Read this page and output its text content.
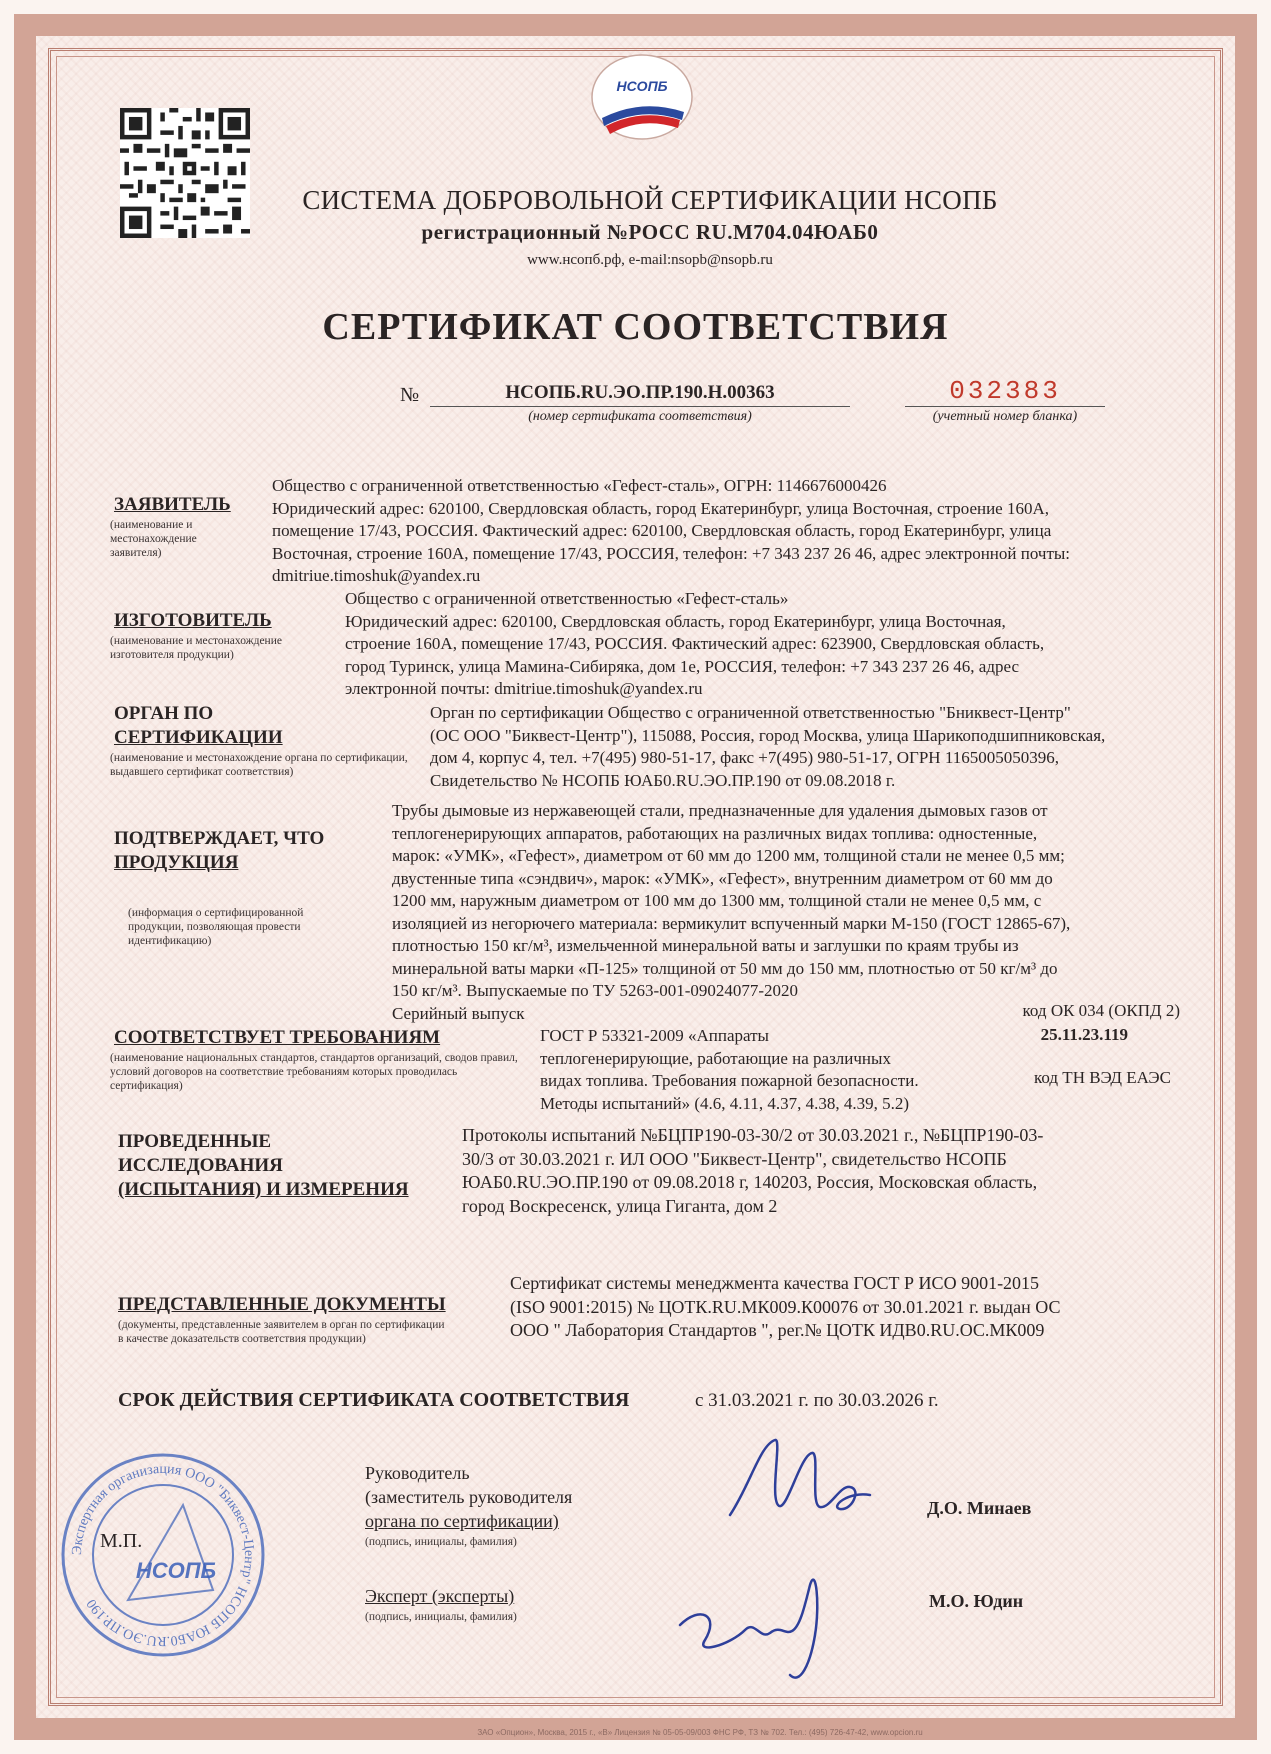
НСОПБ
СИСТЕМА ДОБРОВОЛЬНОЙ СЕРТИФИКАЦИИ НСОПБ
регистрационный №РОСС RU.М704.04ЮАБ0
www.нсопб.рф, e-mail:nsopb@nsopb.ru
СЕРТИФИКАТ СООТВЕТСТВИЯ
№	НСОПБ.RU.ЭО.ПР.190.Н.00363
(номер сертификата соответствия)
032383
(учетный номер бланка)
ЗАЯВИТЕЛЬ
(наименование и местонахождение заявителя)
Общество с ограниченной ответственностью «Гефест-сталь», ОГРН: 1146676000426
Юридический адрес: 620100, Свердловская область, город Екатеринбург, улица Восточная, строение 160А,
помещение 17/43, РОССИЯ. Фактический адрес: 620100, Свердловская область, город Екатеринбург, улица
Восточная, строение 160А, помещение 17/43, РОССИЯ, телефон: +7 343 237 26 46, адрес электронной почты:
dmitriue.timoshuk@yandex.ru
ИЗГОТОВИТЕЛЬ
(наименование и местонахождение изготовителя продукции)
Общество с ограниченной ответственностью «Гефест-сталь»
Юридический адрес: 620100, Свердловская область, город Екатеринбург, улица Восточная,
строение 160А, помещение 17/43, РОССИЯ. Фактический адрес: 623900, Свердловская область,
город Туринск, улица Мамина-Сибиряка, дом 1е, РОССИЯ, телефон: +7 343 237 26 46, адрес
электронной почты: dmitriue.timoshuk@yandex.ru
ОРГАН ПО
СЕРТИФИКАЦИИ
(наименование и местонахождение органа по сертификации, выдавшего сертификат соответствия)
Орган по сертификации Общество с ограниченной ответственностью "Бниквест-Центр"
(ОС ООО "Биквест-Центр"), 115088, Россия, город Москва, улица Шарикоподшипниковская,
дом 4, корпус 4, тел. +7(495) 980-51-17, факс +7(495) 980-51-17, ОГРН 1165005050396,
Свидетельство № НСОПБ ЮАБ0.RU.ЭО.ПР.190 от 09.08.2018 г.
ПОДТВЕРЖДАЕТ, ЧТО
ПРОДУКЦИЯ
(информация о сертифицированной продукции, позволяющая провести идентификацию)
Трубы дымовые из нержавеющей стали, предназначенные для удаления дымовых газов от
теплогенерирующих аппаратов, работающих на различных видах топлива: одностенные,
марок: «УМК», «Гефест», диаметром от 60 мм до 1200 мм, толщиной стали не менее 0,5 мм;
двустенные типа «сэндвич», марок: «УМК», «Гефест», внутренним диаметром от 60 мм до
1200 мм, наружным диаметром от 100 мм до 1300 мм, толщиной стали не менее 0,5 мм, с
изоляцией из негорючего материала: вермикулит вспученный марки М-150 (ГОСТ 12865-67),
плотностью 150 кг/м³, измельченной минеральной ваты и заглушки по краям трубы из
минеральной ваты марки «П-125» толщиной от 50 мм до 150 мм, плотностью от 50 кг/м³ до
150 кг/м³. Выпускаемые по ТУ 5263-001-09024077-2020
Серийный выпуск
СООТВЕТСТВУЕТ ТРЕБОВАНИЯМ
(наименование национальных стандартов, стандартов организаций, сводов правил, условий договоров на соответствие требованиям которых проводилась сертификация)
ГОСТ Р 53321-2009 «Аппараты
теплогенерирующие, работающие на различных
видах топлива. Требования пожарной безопасности.
Методы испытаний» (4.6, 4.11, 4.37, 4.38, 4.39, 5.2)
код ОК 034 (ОКПД 2)
25.11.23.119
код ТН ВЭД ЕАЭС
ПРОВЕДЕННЫЕ
ИССЛЕДОВАНИЯ
(ИСПЫТАНИЯ) И ИЗМЕРЕНИЯ
Протоколы испытаний №БЦПР190-03-30/2 от 30.03.2021 г., №БЦПР190-03-
30/3 от 30.03.2021 г. ИЛ ООО "Биквест-Центр", свидетельство НСОПБ
ЮАБ0.RU.ЭО.ПР.190 от 09.08.2018 г, 140203, Россия, Московская область,
город Воскресенск, улица Гиганта, дом 2
ПРЕДСТАВЛЕННЫЕ ДОКУМЕНТЫ
(документы, представленные заявителем в орган по сертификации в качестве доказательств соответствия продукции)
Сертификат системы менеджмента качества ГОСТ Р ИСО 9001-2015
(ISO 9001:2015) № ЦОТК.RU.МК009.К00076 от 30.01.2021 г. выдан ОС
ООО " Лаборатория Стандартов ", рег.№ ЦОТК ИДВ0.RU.ОС.МК009
СРОК ДЕЙСТВИЯ СЕРТИФИКАТА СООТВЕТСТВИЯ	с 31.03.2021 г. по 30.03.2026 г.
Экспертная организация ООО "Биквест-Центр" НСОПБ ЮАБ0.RU.ЭО.ПР.190
НСОПБ
М.П.
Руководитель
(заместитель руководителя
органа по сертификации)
(подпись, инициалы, фамилия)
Д.О. Минаев
Эксперт (эксперты)
(подпись, инициалы, фамилия)
М.О. Юдин
ЗАО «Опцион», Москва, 2015 г., «В» Лицензия № 05-05-09/003 ФНС РФ, ТЗ № 702. Тел.: (495) 726-47-42, www.opcion.ru
